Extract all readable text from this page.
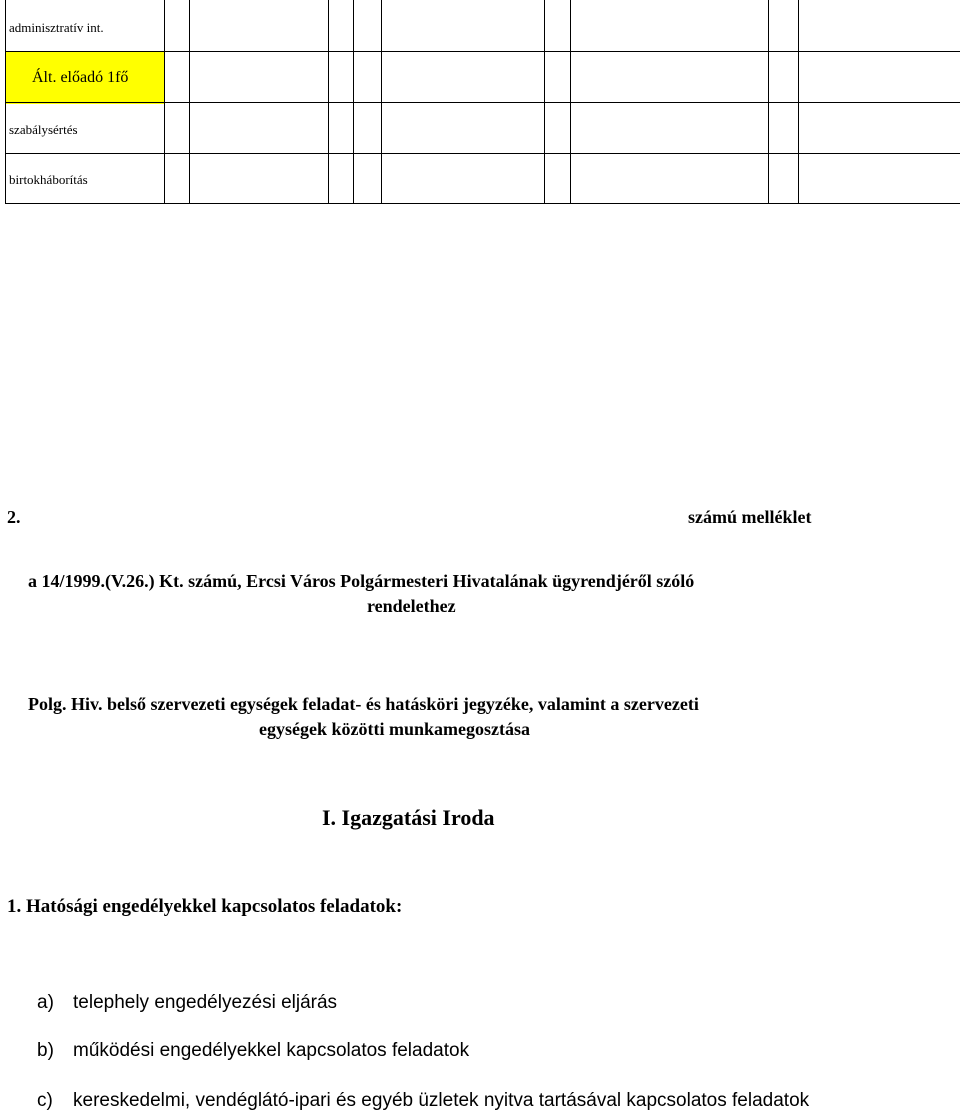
adminisztratív int.
Ált. előadó 1fő
szabálysértés
birtokháborítás
2.	számú melléklet
a 14/1999.(V.26.) Kt. számú, Ercsi Város Polgármesteri Hivatalának ügyrendjéről szóló
rendelethez
Polg. Hiv. belső szervezeti egységek feladat- és hatásköri jegyzéke, valamint a szervezeti
egységek közötti munkamegosztása
I. Igazgatási Iroda
1. Hatósági engedélyekkel kapcsolatos feladatok:
a) telephely engedélyezési eljárás
b) működési engedélyekkel kapcsolatos feladatok
c) kereskedelmi, vendéglátó-ipari és egyéb üzletek nyitva tartásával kapcsolatos feladatok
